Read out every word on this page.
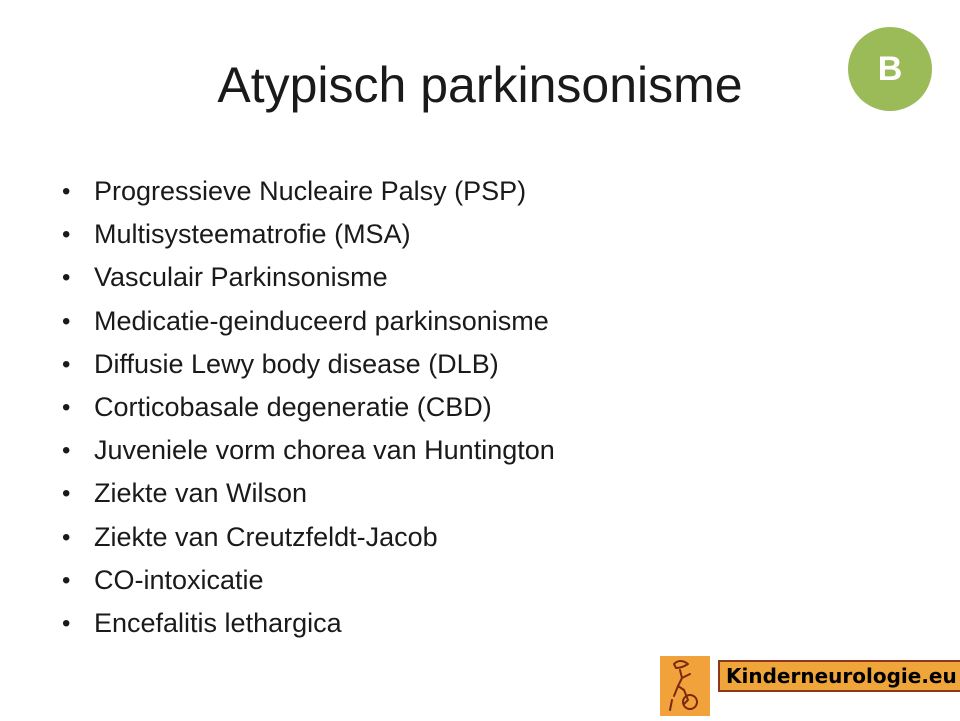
Atypisch parkinsonisme	B
• Progressieve Nucleaire Palsy (PSP)
• Multisysteematrofie (MSA)
• Vasculair Parkinsonisme
• Medicatie-geinduceerd parkinsonisme
• Diffusie Lewy body disease (DLB)
• Corticobasale degeneratie (CBD)
• Juveniele vorm chorea van Huntington
• Ziekte van Wilson
• Ziekte van Creutzfeldt-Jacob
• CO-intoxicatie
• Encefalitis lethargica
Kinderneurologie.eu
